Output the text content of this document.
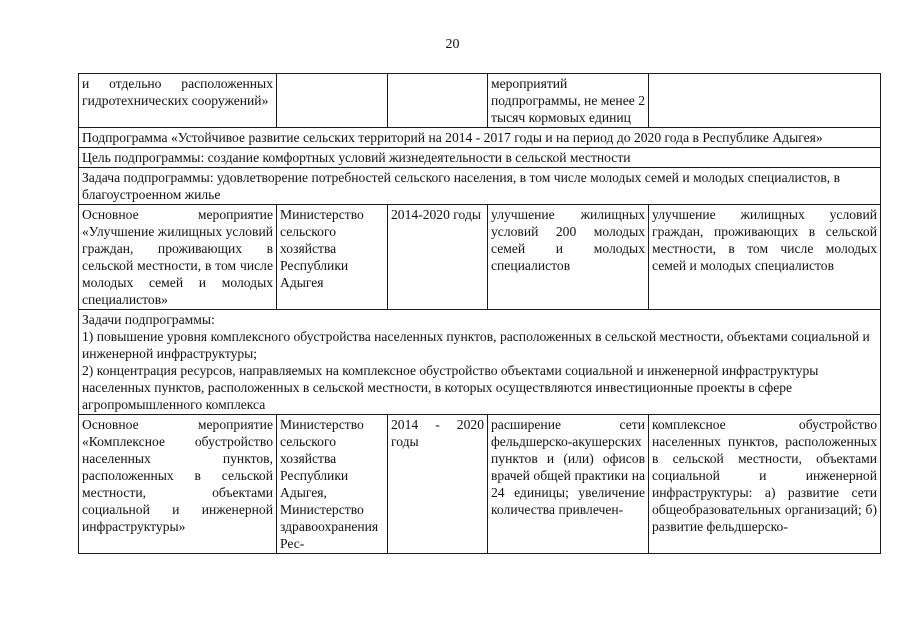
20
и отдельно расположенных гидротехнических сооружений»			мероприятий подпрограммы, не менее 2 тысяч кормовых единиц	
Подпрограмма «Устойчивое развитие сельских территорий на 2014 - 2017 годы и на период до 2020 года в Республике Адыгея»				
Цель подпрограммы: создание комфортных условий жизнедеятельности в сельской местности				
Задача подпрограммы: удовлетворение потребностей сельского населения, в том числе молодых семей и молодых специалистов, в благоустроенном жилье				
Основное мероприятие «Улучшение жилищных условий граждан, проживающих в сельской местности, в том числе молодых семей и молодых специалистов»	Министерство сельского хозяйства Республики Адыгея	2014-2020 годы	улучшение жилищных условий 200 молодых семей и молодых специалистов	улучшение жилищных условий граждан, проживающих в сельской местности, в том числе молодых семей и молодых специалистов

Задачи подпрограммы:
1) повышение уровня комплексного обустройства населенных пунктов, расположенных в сельской местности, объектами социальной и инженерной инфраструктуры;
2) концентрация ресурсов, направляемых на комплексное обустройство объектами социальной и инженерной инфраструктуры населенных пунктов, расположенных в сельской местности, в которых осуществляются инвестиционные проекты в сфере агропромышленного комплекса				

Основное мероприятие «Комплексное обустройство населенных пунктов, расположенных в сельской местности, объектами социальной и инженерной инфраструктуры»	Министерство сельского хозяйства Республики Адыгея, Министерство здравоохранения Рес-	2014 - 2020 годы	расширение сети фельдшерско-акушерских пунктов и (или) офисов врачей общей практики на 24 единицы; увеличение количества привлечен-	комплексное обустройство населенных пунктов, расположенных в сельской местности, объектами социальной и инженерной инфраструктуры: а) развитие сети общеобразовательных организаций; б) развитие фельдшерско-
